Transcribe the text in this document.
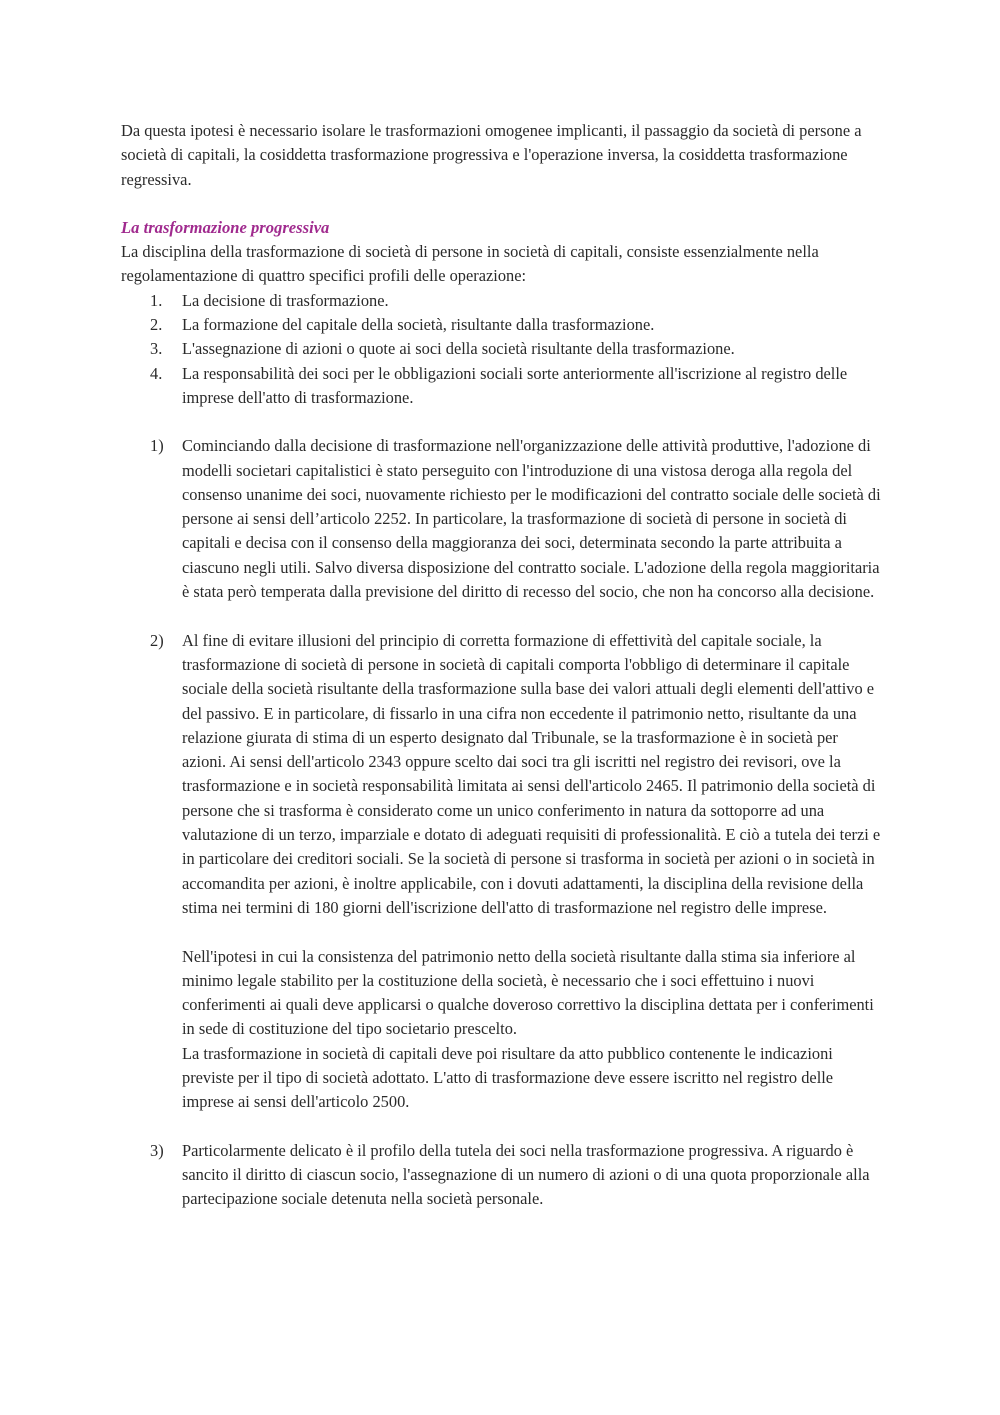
Da questa ipotesi è necessario isolare le trasformazioni omogenee implicanti, il passaggio da società di persone a società di capitali, la cosiddetta trasformazione progressiva e l'operazione inversa, la cosiddetta trasformazione regressiva.

La trasformazione progressiva

La disciplina della trasformazione di società di persone in società di capitali, consiste essenzialmente nella regolamentazione di quattro specifici profili delle operazione:

1. La decisione di trasformazione.
2. La formazione del capitale della società, risultante dalla trasformazione.
3. L'assegnazione di azioni o quote ai soci della società risultante della trasformazione.
4. La responsabilità dei soci per le obbligazioni sociali sorte anteriormente all'iscrizione al registro delle imprese dell'atto di trasformazione.
1) Cominciando dalla decisione di trasformazione nell'organizzazione delle attività produttive, l'adozione di modelli societari capitalistici è stato perseguito con l'introduzione di una vistosa deroga alla regola del consenso unanime dei soci, nuovamente richiesto per le modificazioni del contratto sociale delle società di persone ai sensi dell’articolo 2252. In particolare, la trasformazione di società di persone in società di capitali e decisa con il consenso della maggioranza dei soci, determinata secondo la parte attribuita a ciascuno negli utili. Salvo diversa disposizione del contratto sociale. L'adozione della regola maggioritaria è stata però temperata dalla previsione del diritto di recesso del socio, che non ha concorso alla decisione.

2) Al fine di evitare illusioni del principio di corretta formazione di effettività del capitale sociale, la trasformazione di società di persone in società di capitali comporta l'obbligo di determinare il capitale sociale della società risultante della trasformazione sulla base dei valori attuali degli elementi dell'attivo e del passivo. E in particolare, di fissarlo in una cifra non eccedente il patrimonio netto, risultante da una relazione giurata di stima di un esperto designato dal Tribunale, se la trasformazione è in società per azioni. Ai sensi dell'articolo 2343 oppure scelto dai soci tra gli iscritti nel registro dei revisori, ove la trasformazione e in società responsabilità limitata ai sensi dell'articolo 2465. Il patrimonio della società di persone che si trasforma è considerato come un unico conferimento in natura da sottoporre ad una valutazione di un terzo, imparziale e dotato di adeguati requisiti di professionalità. E ciò a tutela dei terzi e in particolare dei creditori sociali. Se la società di persone si trasforma in società per azioni o in società in accomandita per azioni, è inoltre applicabile, con i dovuti adattamenti, la disciplina della revisione della stima nei termini di 180 giorni dell'iscrizione dell'atto di trasformazione nel registro delle imprese.

Nell'ipotesi in cui la consistenza del patrimonio netto della società risultante dalla stima sia inferiore al minimo legale stabilito per la costituzione della società, è necessario che i soci effettuino i nuovi conferimenti ai quali deve applicarsi o qualche doveroso correttivo la disciplina dettata per i conferimenti in sede di costituzione del tipo societario prescelto.

La trasformazione in società di capitali deve poi risultare da atto pubblico contenente le indicazioni previste per il tipo di società adottato. L'atto di trasformazione deve essere iscritto nel registro delle imprese ai sensi dell'articolo 2500.

3) Particolarmente delicato è il profilo della tutela dei soci nella trasformazione progressiva. A riguardo è sancito il diritto di ciascun socio, l'assegnazione di un numero di azioni o di una quota proporzionale alla partecipazione sociale detenuta nella società personale.
